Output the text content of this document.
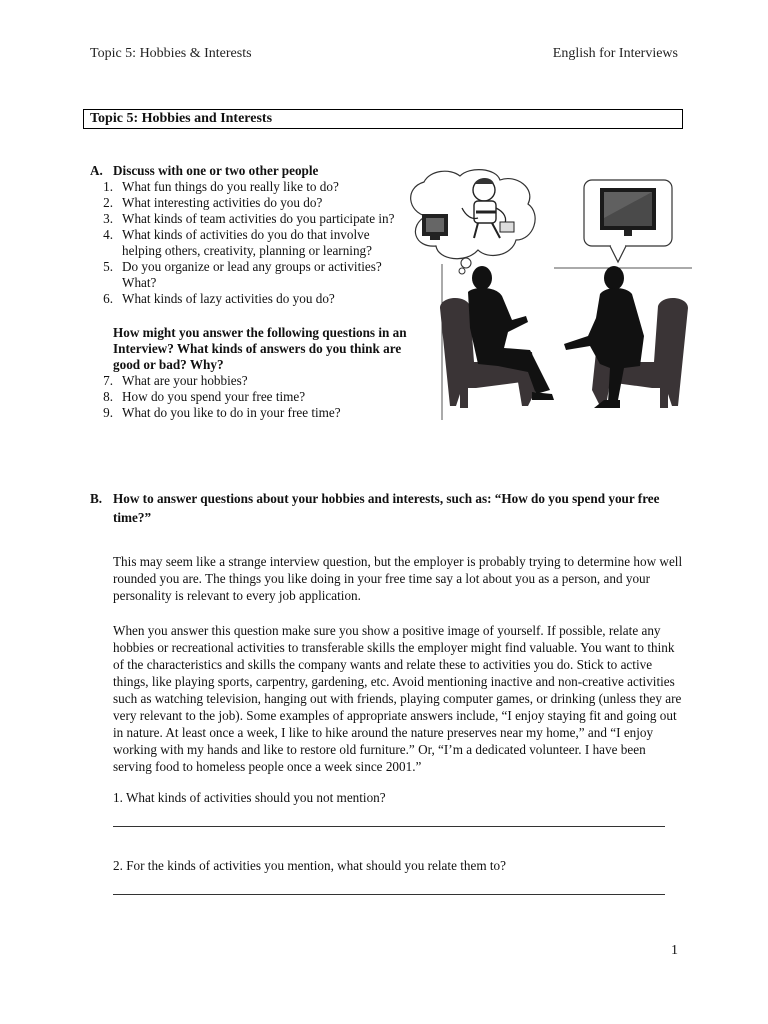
Topic 5: Hobbies & Interests	English for Interviews
Topic 5: Hobbies and Interests
A. Discuss with one or two other people
1. What fun things do you really like to do?
2. What interesting activities do you do?
3. What kinds of team activities do you participate in?
4. What kinds of activities do you do that involve helping others, creativity, planning or learning?
5. Do you organize or lead any groups or activities? What?
6. What kinds of lazy activities do you do?
How might you answer the following questions in an Interview? What kinds of answers do you think are good or bad? Why?
7. What are your hobbies?
8. How do you spend your free time?
9. What do you like to do in your free time?
B. How to answer questions about your hobbies and interests, such as: “How do you spend your free time?”
This may seem like a strange interview question, but the employer is probably trying to determine how well rounded you are. The things you like doing in your free time say a lot about you as a person, and your personality is relevant to every job application.
When you answer this question make sure you show a positive image of yourself. If possible, relate any hobbies or recreational activities to transferable skills the employer might find valuable. You want to think of the characteristics and skills the company wants and relate these to activities you do. Stick to active things, like playing sports, carpentry, gardening, etc. Avoid mentioning inactive and non-creative activities such as watching television, hanging out with friends, playing computer games, or drinking (unless they are very relevant to the job). Some examples of appropriate answers include, “I enjoy staying fit and going out in nature. At least once a week, I like to hike around the nature preserves near my home,” and “I enjoy working with my hands and like to restore old furniture.” Or, “I’m a dedicated volunteer. I have been serving food to homeless people once a week since 2001.”
1. What kinds of activities should you not mention?
2. For the kinds of activities you mention, what should you relate them to?
1
